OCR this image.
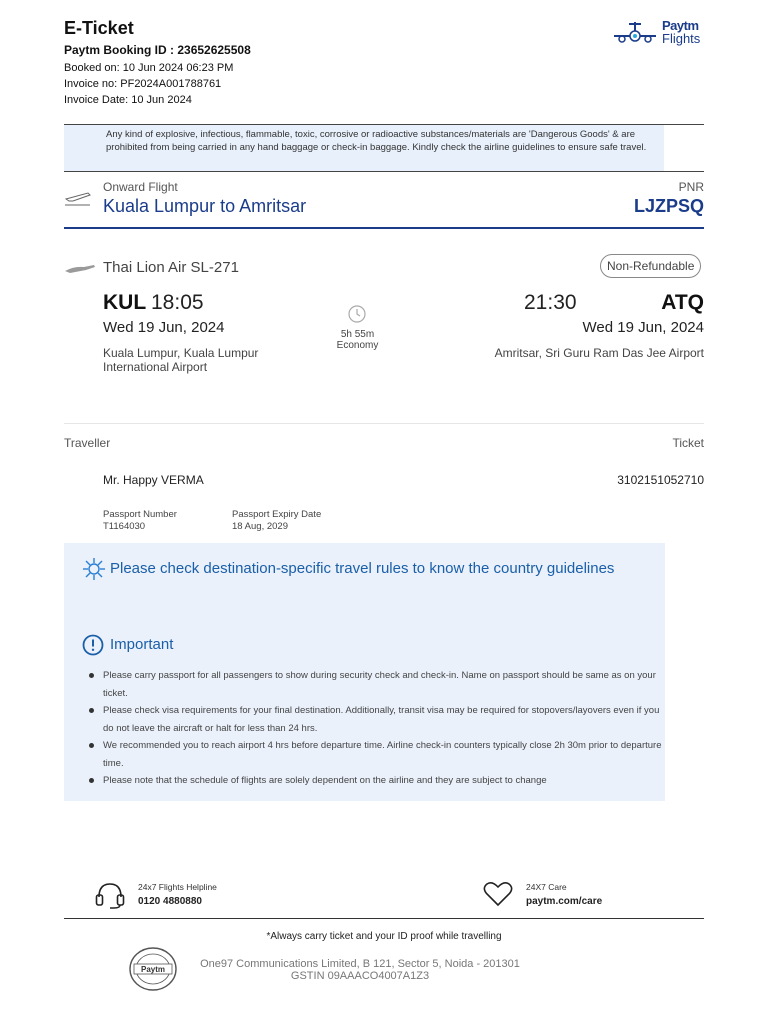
E-Ticket
Paytm Booking ID : 23652625508
Booked on: 10 Jun 2024 06:23 PM
Invoice no: PF2024A001788761
Invoice Date: 10 Jun 2024
Paytm
Flights
Any kind of explosive, infectious, flammable, toxic, corrosive or radioactive substances/materials are 'Dangerous Goods' & are prohibited from being carried in any hand baggage or check-in baggage. Kindly check the airline guidelines to ensure safe travel.
Onward Flight
Kuala Lumpur to Amritsar
PNR
LJZPSQ
Thai Lion Air SL-271	Non-Refundable
KUL 18:05
Wed 19 Jun, 2024
Kuala Lumpur, Kuala Lumpur International Airport
5h 55m
Economy
21:30	ATQ
Wed 19 Jun, 2024
Amritsar, Sri Guru Ram Das Jee Airport
Traveller	Ticket
Mr. Happy VERMA	3102151052710
Passport Number
T1164030
Passport Expiry Date
18 Aug, 2029
Please check destination-specific travel rules to know the country guidelines
Important
Please carry passport for all passengers to show during security check and check-in. Name on passport should be same as on your ticket.
Please check visa requirements for your final destination. Additionally, transit visa may be required for stopovers/layovers even if you do not leave the aircraft or halt for less than 24 hrs.
We recommended you to reach airport 4 hrs before departure time. Airline check-in counters typically close 2h 30m prior to departure time.
Please note that the schedule of flights are solely dependent on the airline and they are subject to change
24x7 Flights Helpline
0120 4880880
24X7 Care
paytm.com/care
*Always carry ticket and your ID proof while travelling
Paytm	One97 Communications Limited, B 121, Sector 5, Noida - 201301
GSTIN 09AAACO4007A1Z3
